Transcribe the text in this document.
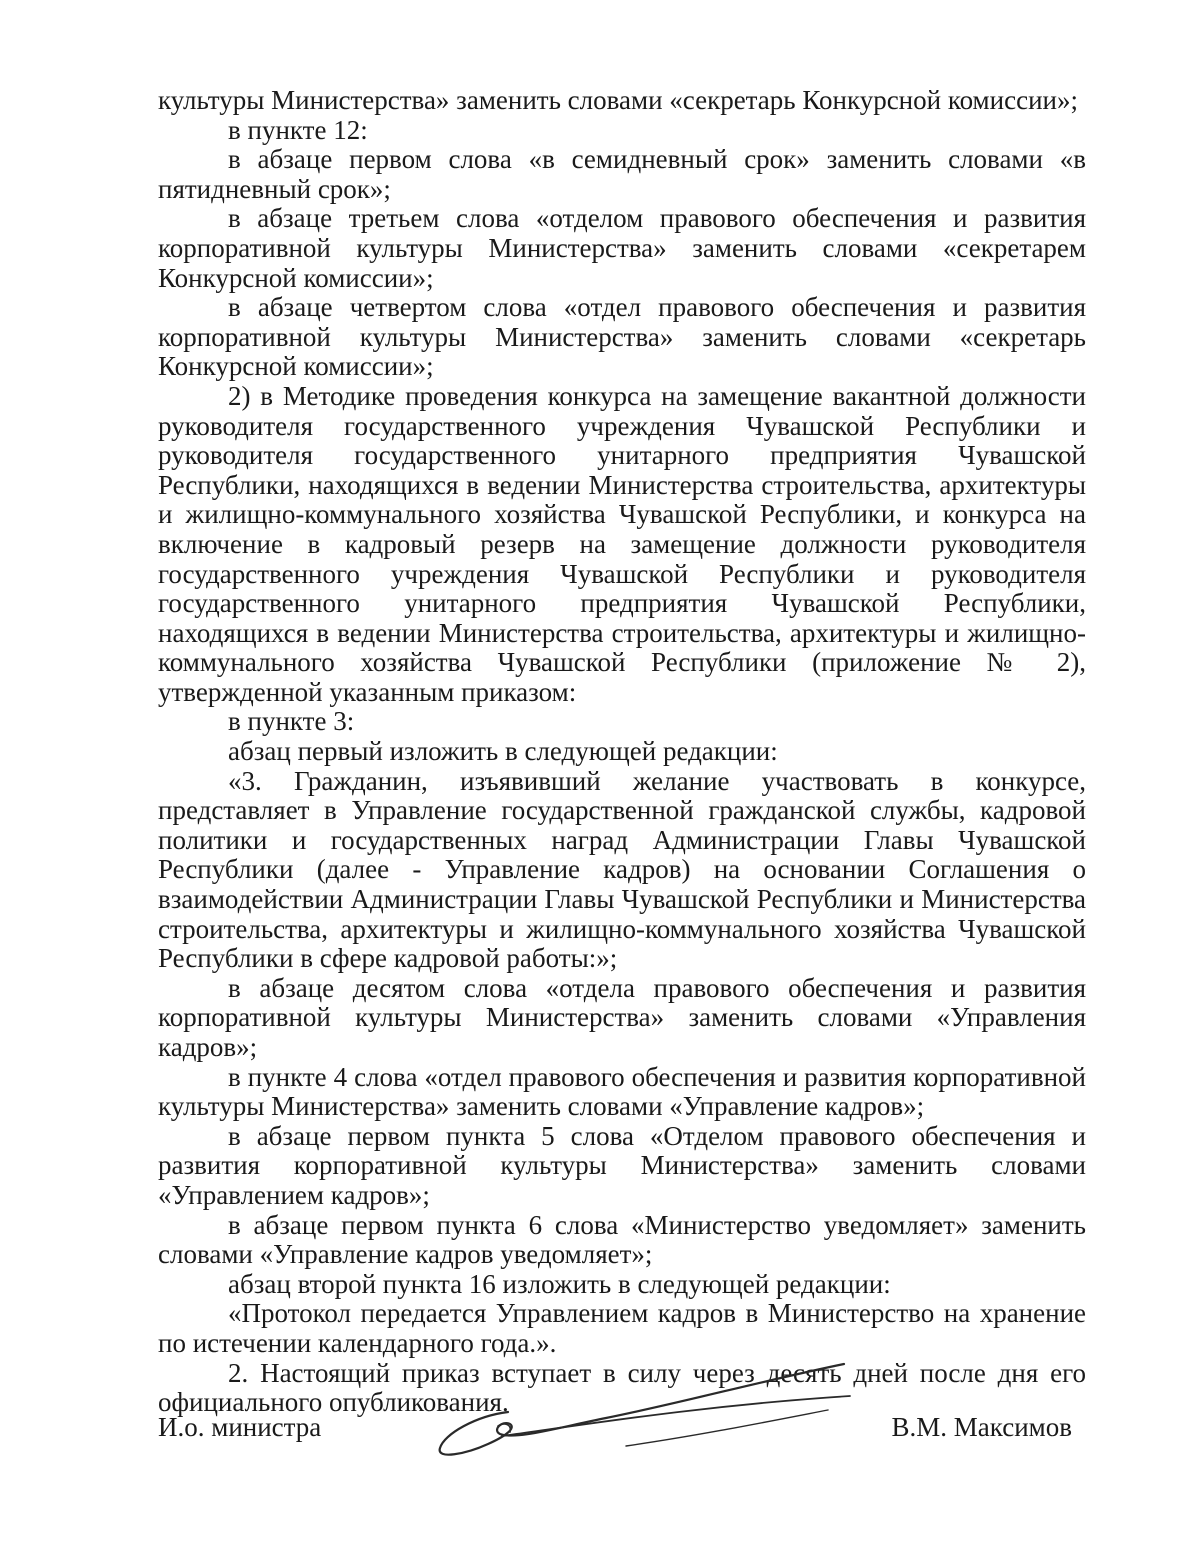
культуры Министерства» заменить словами «секретарь Конкурсной комиссии»;

в пункте 12:

в абзаце первом слова «в семидневный срок» заменить словами «в пятидневный срок»;

в абзаце третьем слова «отделом правового обеспечения и развития корпоративной культуры Министерства» заменить словами «секретарем Конкурсной комиссии»;

в абзаце четвертом слова «отдел правового обеспечения и развития корпоративной культуры Министерства» заменить словами «секретарь Конкурсной комиссии»;

2) в Методике проведения конкурса на замещение вакантной должности руководителя государственного учреждения Чувашской Республики и руководителя государственного унитарного предприятия Чувашской Республики, находящихся в ведении Министерства строительства, архитектуры и жилищно-коммунального хозяйства Чувашской Республики, и конкурса на включение в кадровый резерв на замещение должности руководителя государственного учреждения Чувашской Республики и руководителя государственного унитарного предприятия Чувашской Республики, находящихся в ведении Министерства строительства, архитектуры и жилищно-коммунального хозяйства Чувашской Республики (приложение № 2), утвержденной указанным приказом:

в пункте 3:

абзац первый изложить в следующей редакции:

«3. Гражданин, изъявивший желание участвовать в конкурсе, представляет в Управление государственной гражданской службы, кадровой политики и государственных наград Администрации Главы Чувашской Республики (далее - Управление кадров) на основании Соглашения о взаимодействии Администрации Главы Чувашской Республики и Министерства строительства, архитектуры и жилищно-коммунального хозяйства Чувашской Республики в сфере кадровой работы:»;

в абзаце десятом слова «отдела правового обеспечения и развития корпоративной культуры Министерства» заменить словами «Управления кадров»;

в пункте 4 слова «отдел правового обеспечения и развития корпоративной культуры Министерства» заменить словами «Управление кадров»;

в абзаце первом пункта 5 слова «Отделом правового обеспечения и развития корпоративной культуры Министерства» заменить словами «Управлением кадров»;

в абзаце первом пункта 6 слова «Министерство уведомляет» заменить словами «Управление кадров уведомляет»;

абзац второй пункта 16 изложить в следующей редакции:

«Протокол передается Управлением кадров в Министерство на хранение по истечении календарного года.».

2. Настоящий приказ вступает в силу через десять дней после дня его официального опубликования.

И.о. министра	В.М. Максимов
